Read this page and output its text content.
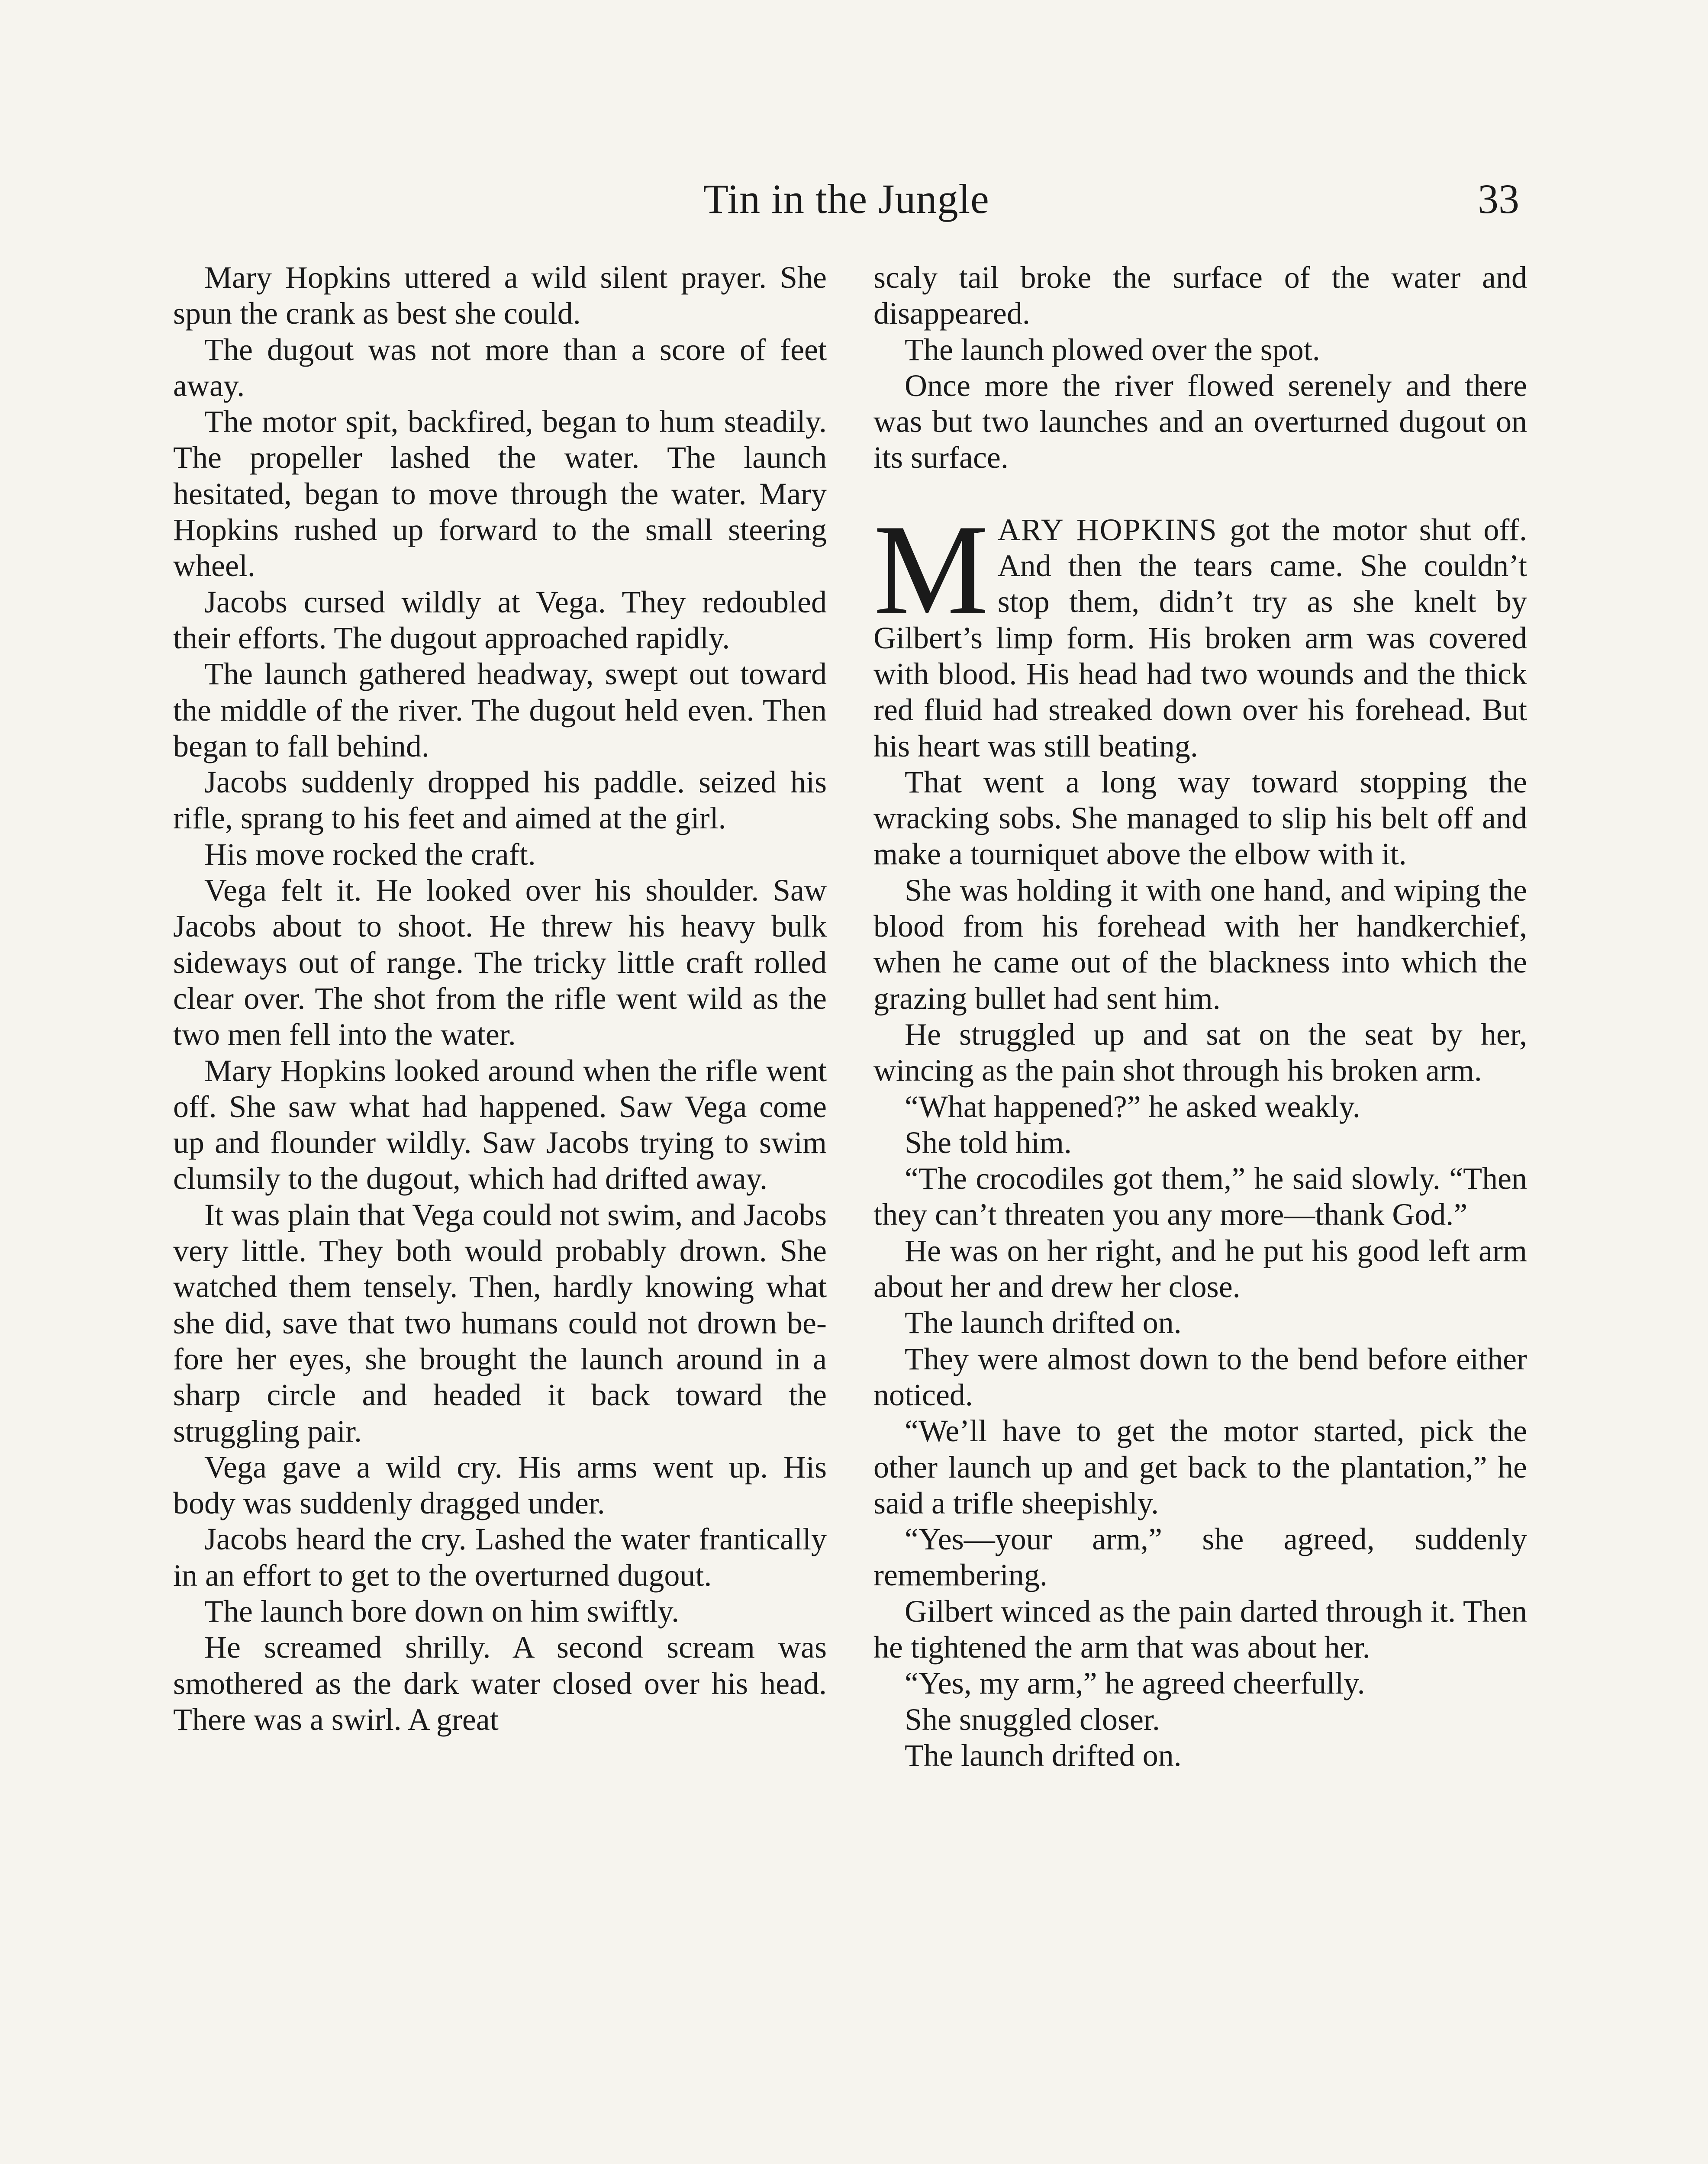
Tin in the Jungle	33

Mary Hopkins uttered a wild silent prayer. She spun the crank as best she could.

The dugout was not more than a score of feet away.

The motor spit, backfired, began to hum steadily. The propeller lashed the water. The launch hesitated, began to move through the water. Mary Hopkins rushed up forward to the small steering wheel.

Jacobs cursed wildly at Vega. They redoubled their efforts. The dugout approached rapidly.

The launch gathered headway, swept out toward the middle of the river. The dugout held even. Then began to fall behind.

Jacobs suddenly dropped his paddle. seized his rifle, sprang to his feet and aimed at the girl.

His move rocked the craft.

Vega felt it. He looked over his shoulder. Saw Jacobs about to shoot. He threw his heavy bulk sideways out of range. The tricky little craft rolled clear over. The shot from the rifle went wild as the two men fell into the water.

Mary Hopkins looked around when the rifle went off. She saw what had happened. Saw Vega come up and flounder wildly. Saw Jacobs trying to swim clumsily to the dugout, which had drifted away.

It was plain that Vega could not swim, and Jacobs very little. They both would probably drown. She watched them tensely. Then, hardly knowing what she did, save that two humans could not drown before her eyes, she brought the launch around in a sharp circle and headed it back toward the struggling pair.

Vega gave a wild cry. His arms went up. His body was suddenly dragged under.

Jacobs heard the cry. Lashed the water frantically in an effort to get to the overturned dugout.

The launch bore down on him swiftly.

He screamed shrilly. A second scream was smothered as the dark water closed over his head. There was a swirl. A great

scaly tail broke the surface of the water and disappeared.

The launch plowed over the spot.

Once more the river flowed serenely and there was but two launches and an overturned dugout on its surface.

MARY HOPKINS got the motor shut off. And then the tears came. She couldn’t stop them, didn’t try as she knelt by Gilbert’s limp form. His broken arm was covered with blood. His head had two wounds and the thick red fluid had streaked down over his forehead. But his heart was still beating.

That went a long way toward stopping the wracking sobs. She managed to slip his belt off and make a tourniquet above the elbow with it.

She was holding it with one hand, and wiping the blood from his forehead with her handkerchief, when he came out of the blackness into which the grazing bullet had sent him.

He struggled up and sat on the seat by her, wincing as the pain shot through his broken arm.

“What happened?” he asked weakly.

She told him.

“The crocodiles got them,” he said slowly. “Then they can’t threaten you any more—thank God.”

He was on her right, and he put his good left arm about her and drew her close.

The launch drifted on.

They were almost down to the bend before either noticed.

“We’ll have to get the motor started, pick the other launch up and get back to the plantation,” he said a trifle sheepishly.

“Yes—your arm,” she agreed, suddenly remembering.

Gilbert winced as the pain darted through it. Then he tightened the arm that was about her.

“Yes, my arm,” he agreed cheerfully.

She snuggled closer.

The launch drifted on.
